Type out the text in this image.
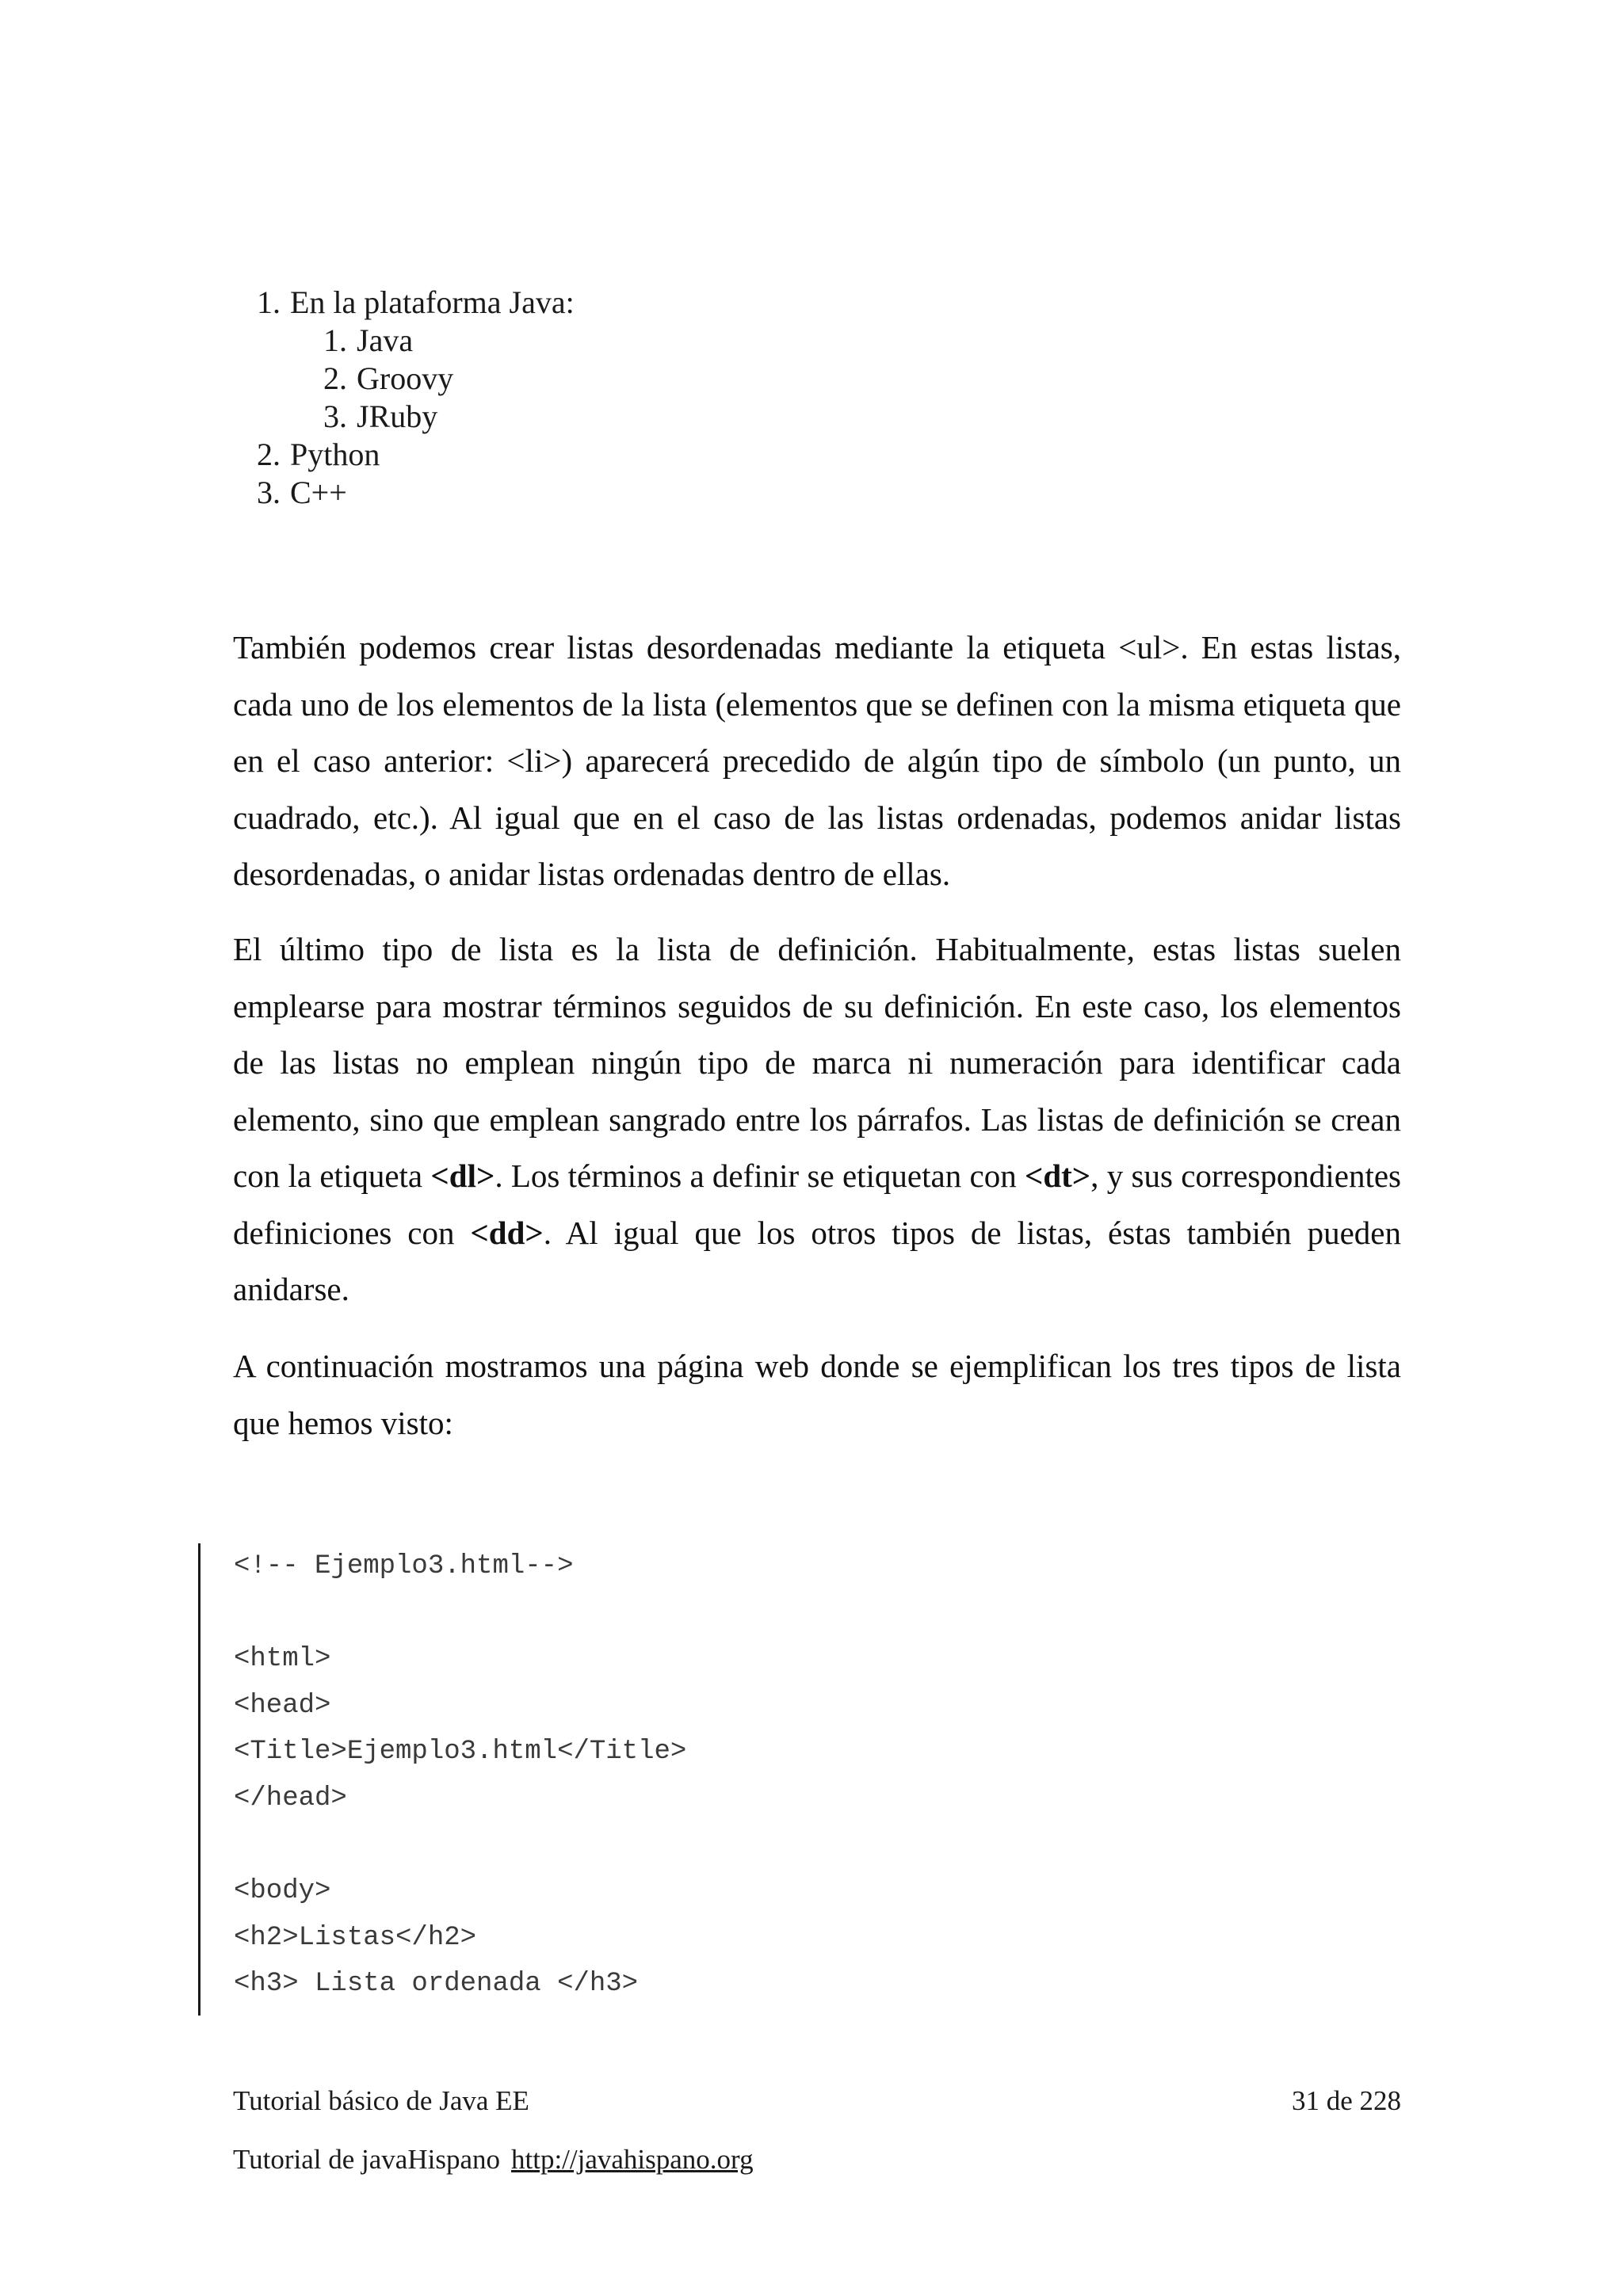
1. En la plataforma Java:
1. Java
2. Groovy
3. JRuby
2. Python
3. C++

También podemos crear listas desordenadas mediante la etiqueta <ul>. En estas listas, cada uno de los elementos de la lista (elementos que se definen con la misma etiqueta que en el caso anterior: <li>) aparecerá precedido de algún tipo de símbolo (un punto, un cuadrado, etc.). Al igual que en el caso de las listas ordenadas, podemos anidar listas desordenadas, o anidar listas ordenadas dentro de ellas.

El último tipo de lista es la lista de definición. Habitualmente, estas listas suelen emplearse para mostrar términos seguidos de su definición. En este caso, los elementos de las listas no emplean ningún tipo de marca ni numeración para identificar cada elemento, sino que emplean sangrado entre los párrafos. Las listas de definición se crean con la etiqueta <dl>. Los términos a definir se etiquetan con <dt>, y sus correspondientes definiciones con <dd>. Al igual que los otros tipos de listas, éstas también pueden anidarse.

A continuación mostramos una página web donde se ejemplifican los tres tipos de lista que hemos visto:

<!-- Ejemplo3.html-->
<html>
<head>
<Title>Ejemplo3.html</Title>
</head>
<body>
<h2>Listas</h2>
<h3> Lista ordenada </h3>
Tutorial básico de Java EE	31 de 228
Tutorial de javaHispano http://javahispano.org
